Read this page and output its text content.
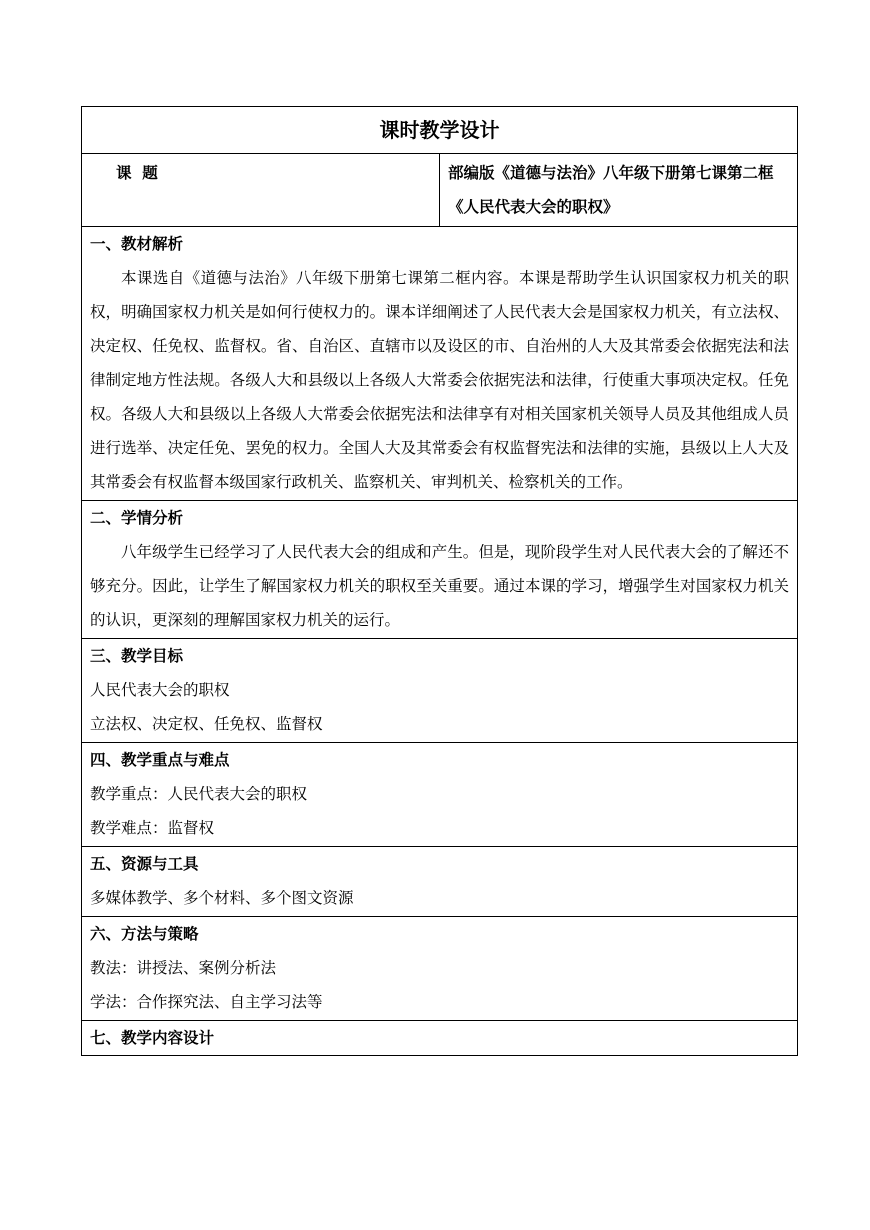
课时教学设计
课  题	部编版《道德与法治》八年级下册第七课第二框《人民代表大会的职权》

一、教材解析
本课选自《道德与法治》八年级下册第七课第二框内容。本课是帮助学生认识国家权力机关的职权，明确国家权力机关是如何行使权力的。课本详细阐述了人民代表大会是国家权力机关，有立法权、决定权、任免权、监督权。省、自治区、直辖市以及设区的市、自治州的人大及其常委会依据宪法和法律制定地方性法规。各级人大和县级以上各级人大常委会依据宪法和法律，行使重大事项决定权。任免权。各级人大和县级以上各级人大常委会依据宪法和法律享有对相关国家机关领导人员及其他组成人员进行选举、决定任免、罢免的权力。全国人大及其常委会有权监督宪法和法律的实施，县级以上人大及其常委会有权监督本级国家行政机关、监察机关、审判机关、检察机关的工作。

二、学情分析
八年级学生已经学习了人民代表大会的组成和产生。但是，现阶段学生对人民代表大会的了解还不够充分。因此，让学生了解国家权力机关的职权至关重要。通过本课的学习，增强学生对国家权力机关的认识，更深刻的理解国家权力机关的运行。

三、教学目标
人民代表大会的职权
立法权、决定权、任免权、监督权

四、教学重点与难点
教学重点：人民代表大会的职权
教学难点：监督权

五、资源与工具
多媒体教学、多个材料、多个图文资源

六、方法与策略
教法：讲授法、案例分析法
学法：合作探究法、自主学习法等

七、教学内容设计
